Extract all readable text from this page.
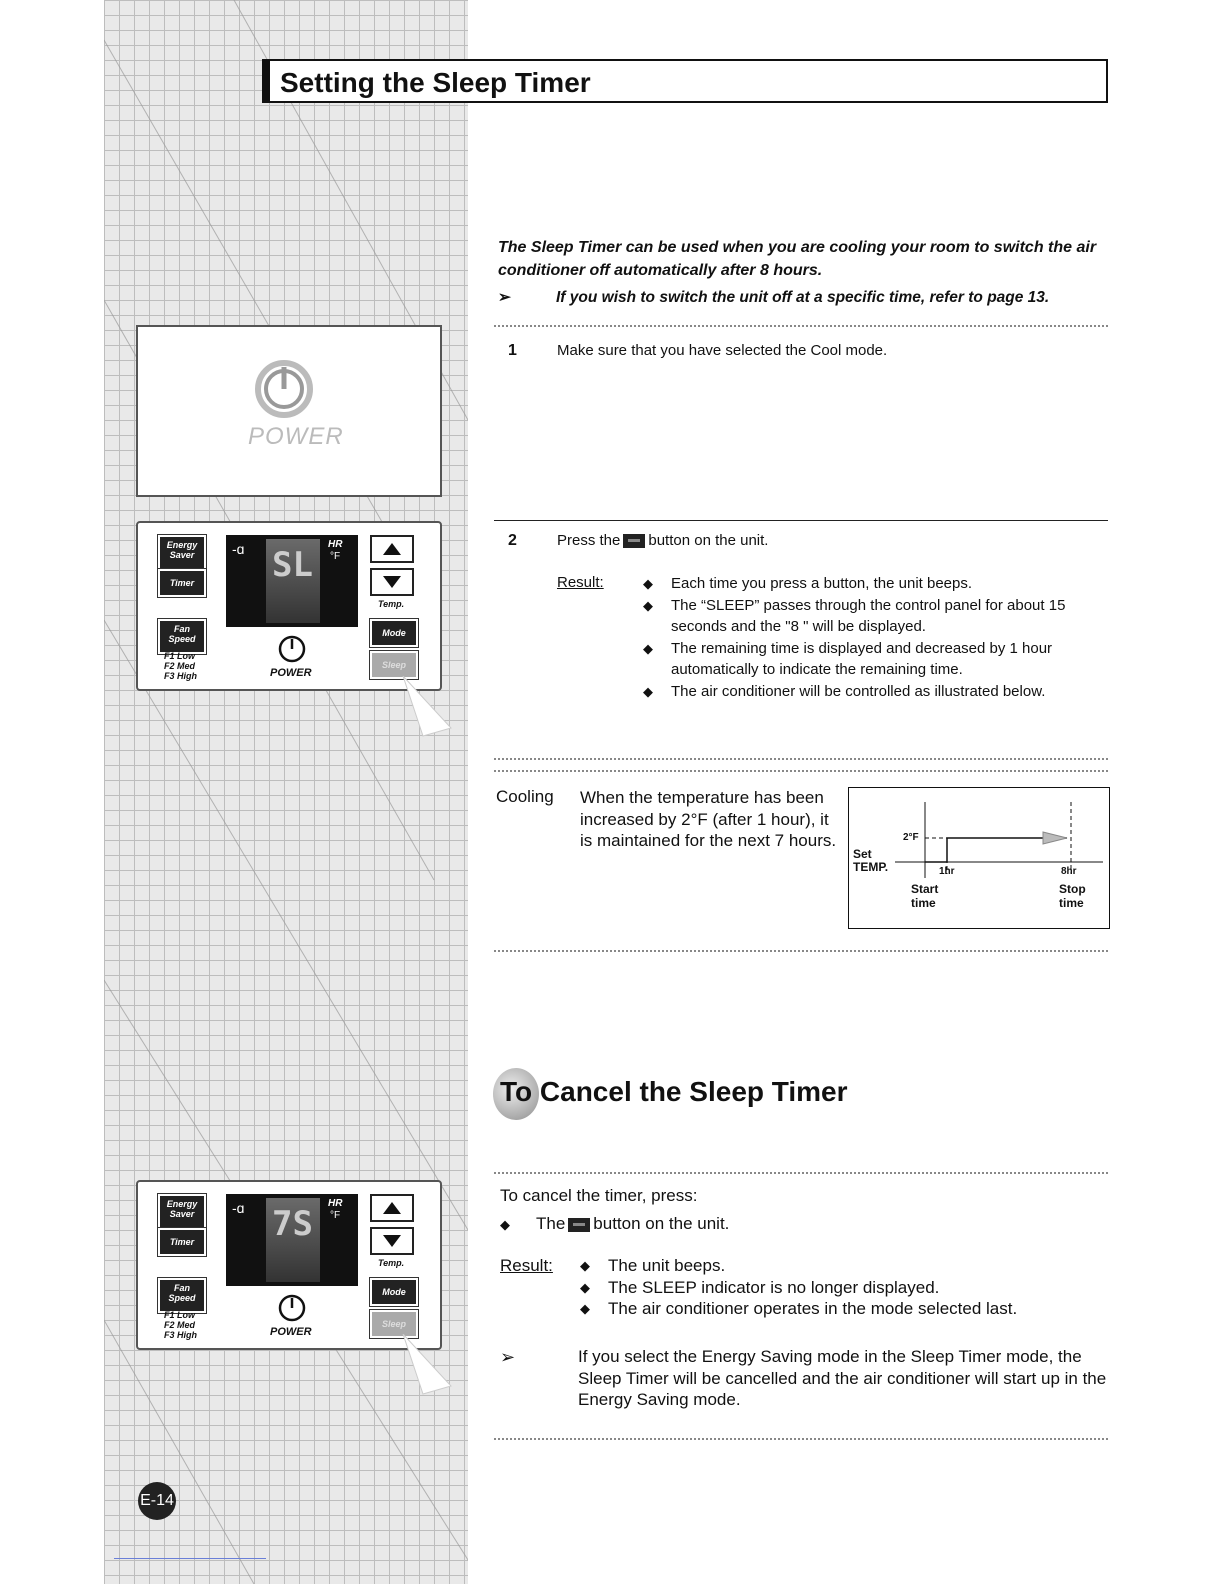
Setting the Sleep Timer
POWER
Energy Saver
Timer
Fan Speed
F1 Low
F2 Med
F3 High
-ɑ SL
HR
°F
Temp.
Mode
Sleep
POWER
The Sleep Timer can be used when you are cooling your room to switch the air conditioner off automatically after 8 hours.
➢	If you wish to switch the unit off at a specific time, refer to page 13.
1	Make sure that you have selected the Cool mode.
2	Press the button on the unit.
Result:	◆ Each time you press a button, the unit beeps.
◆ The “SLEEP” passes through the control panel for about 15 seconds and the "8 " will be displayed.
◆ The remaining time is displayed and decreased by 1 hour automatically to indicate the remaining time.
◆ The air conditioner will be controlled as illustrated below.
Cooling When the temperature has been increased by 2°F (after 1 hour), it is maintained for the next 7 hours.	2°F
Set
TEMP.	1hr	8hr
Start
time
Stop
time
To Cancel the Sleep Timer
Energy Saver
Timer
Fan Speed
F1 Low
F2 Med
F3 High
-ɑ 7S
HR
°F
Temp.
Mode
Sleep
POWER
To cancel the timer, press:
◆ The button on the unit.
Result: ◆ The unit beeps.
◆ The SLEEP indicator is no longer displayed.
◆ The air conditioner operates in the mode selected last.
➢	If you select the Energy Saving mode in the Sleep Timer mode, the Sleep Timer will be cancelled and the air conditioner will start up in the Energy Saving mode.
E-14
